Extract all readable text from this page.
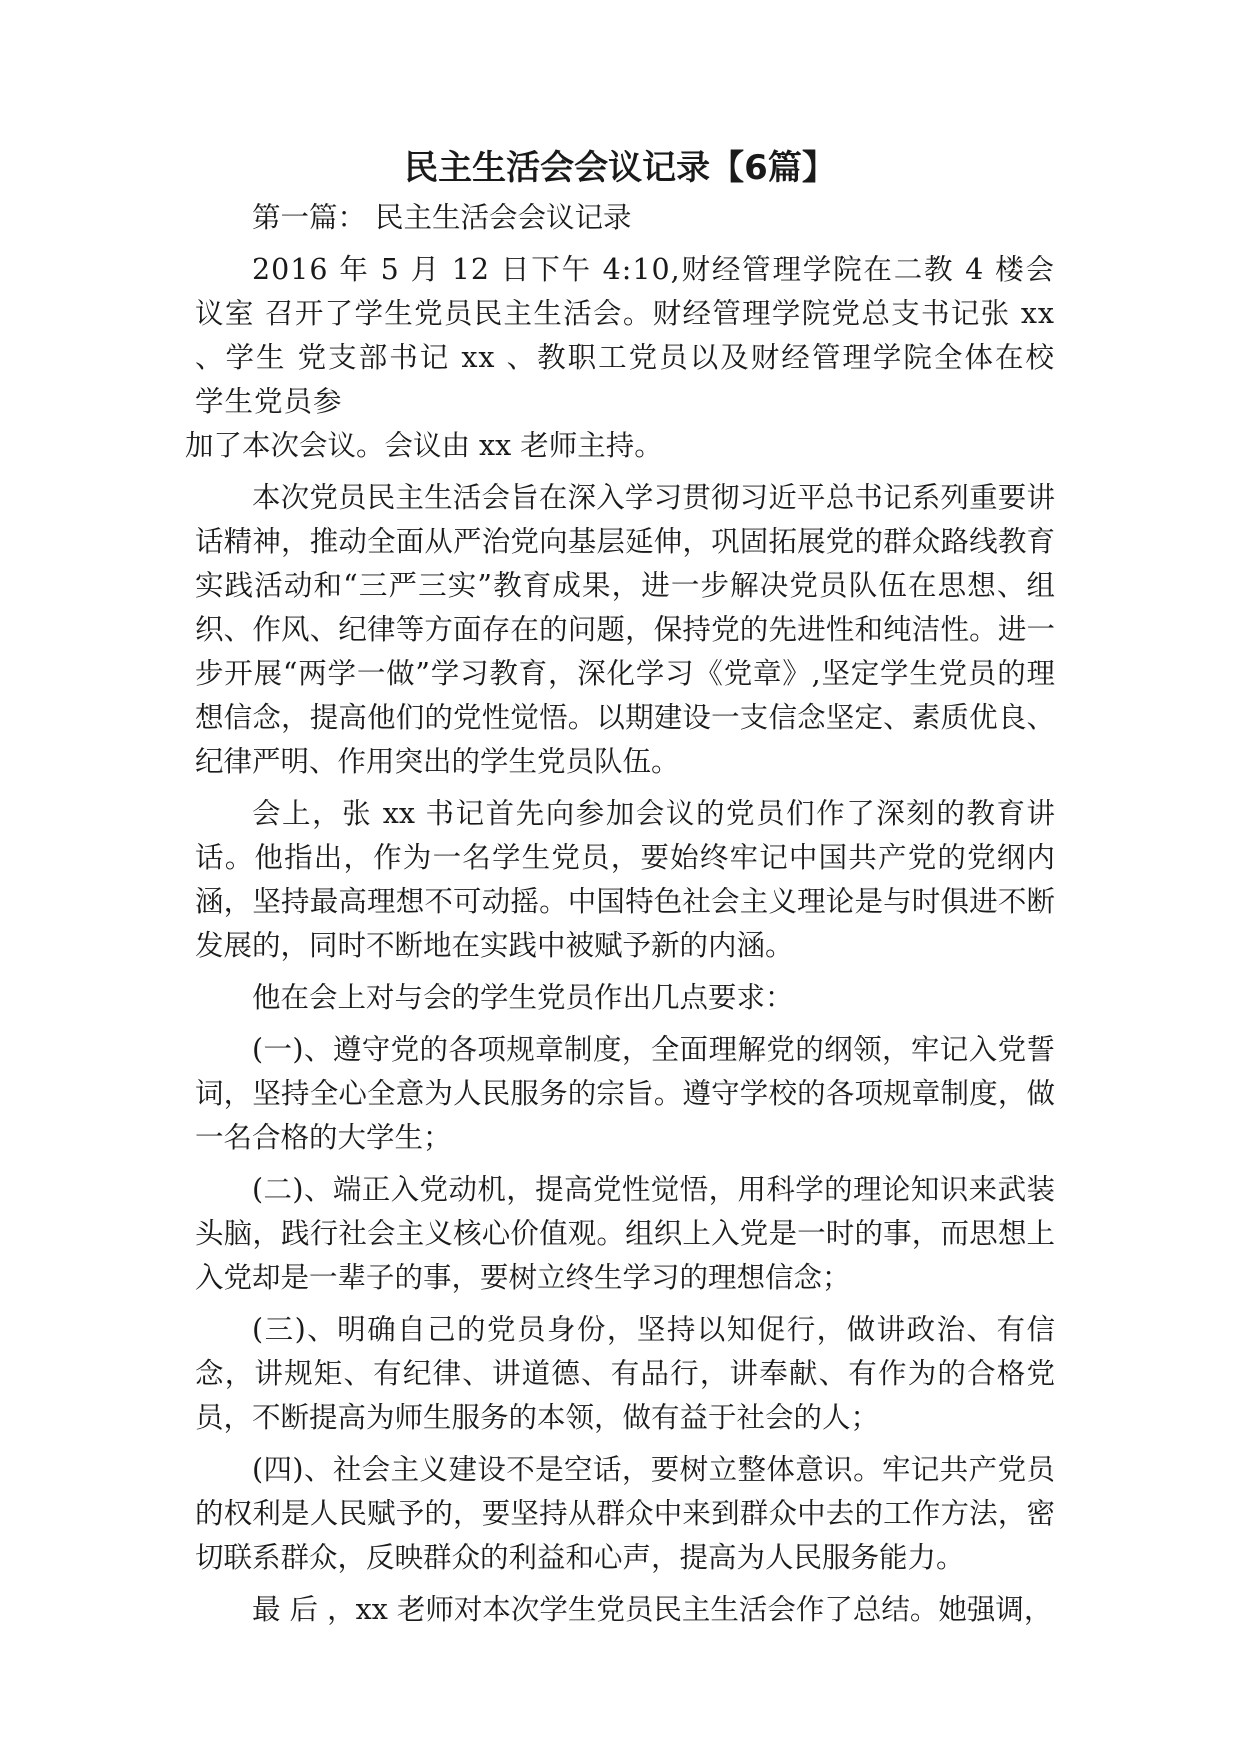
民主生活会会议记录【6篇】

第一篇： 民主生活会会议记录

2016 年 5 月 12 日下午 4:10,财经管理学院在二教 4 楼会议室 召开了学生党员民主生活会。财经管理学院党总支书记张 xx 、学生 党支部书记 xx 、教职工党员以及财经管理学院全体在校学生党员参

加了本次会议。会议由 xx 老师主持。

本次党员民主生活会旨在深入学习贯彻习近平总书记系列重要讲话精神，推动全面从严治党向基层延伸，巩固拓展党的群众路线教育实践活动和“三严三实”教育成果，进一步解决党员队伍在思想、组织、作风、纪律等方面存在的问题，保持党的先进性和纯洁性。进一步开展“两学一做”学习教育，深化学习《党章》,坚定学生党员的理想信念，提高他们的党性觉悟。以期建设一支信念坚定、素质优良、纪律严明、作用突出的学生党员队伍。

会上，张 xx 书记首先向参加会议的党员们作了深刻的教育讲话。他指出，作为一名学生党员，要始终牢记中国共产党的党纲内涵，坚持最高理想不可动摇。中国特色社会主义理论是与时俱进不断发展的，同时不断地在实践中被赋予新的内涵。

他在会上对与会的学生党员作出几点要求：

(一)、遵守党的各项规章制度，全面理解党的纲领，牢记入党誓词，坚持全心全意为人民服务的宗旨。遵守学校的各项规章制度，做一名合格的大学生；

(二)、端正入党动机，提高党性觉悟，用科学的理论知识来武装头脑，践行社会主义核心价值观。组织上入党是一时的事，而思想上入党却是一辈子的事，要树立终生学习的理想信念；

(三)、明确自己的党员身份，坚持以知促行，做讲政治、有信念，讲规矩、有纪律、讲道德、有品行，讲奉献、有作为的合格党员，不断提高为师生服务的本领，做有益于社会的人；

(四)、社会主义建设不是空话，要树立整体意识。牢记共产党员的权利是人民赋予的，要坚持从群众中来到群众中去的工作方法，密切联系群众，反映群众的利益和心声，提高为人民服务能力。

最 后 ，xx 老师对本次学生党员民主生活会作了总结。她强调，
